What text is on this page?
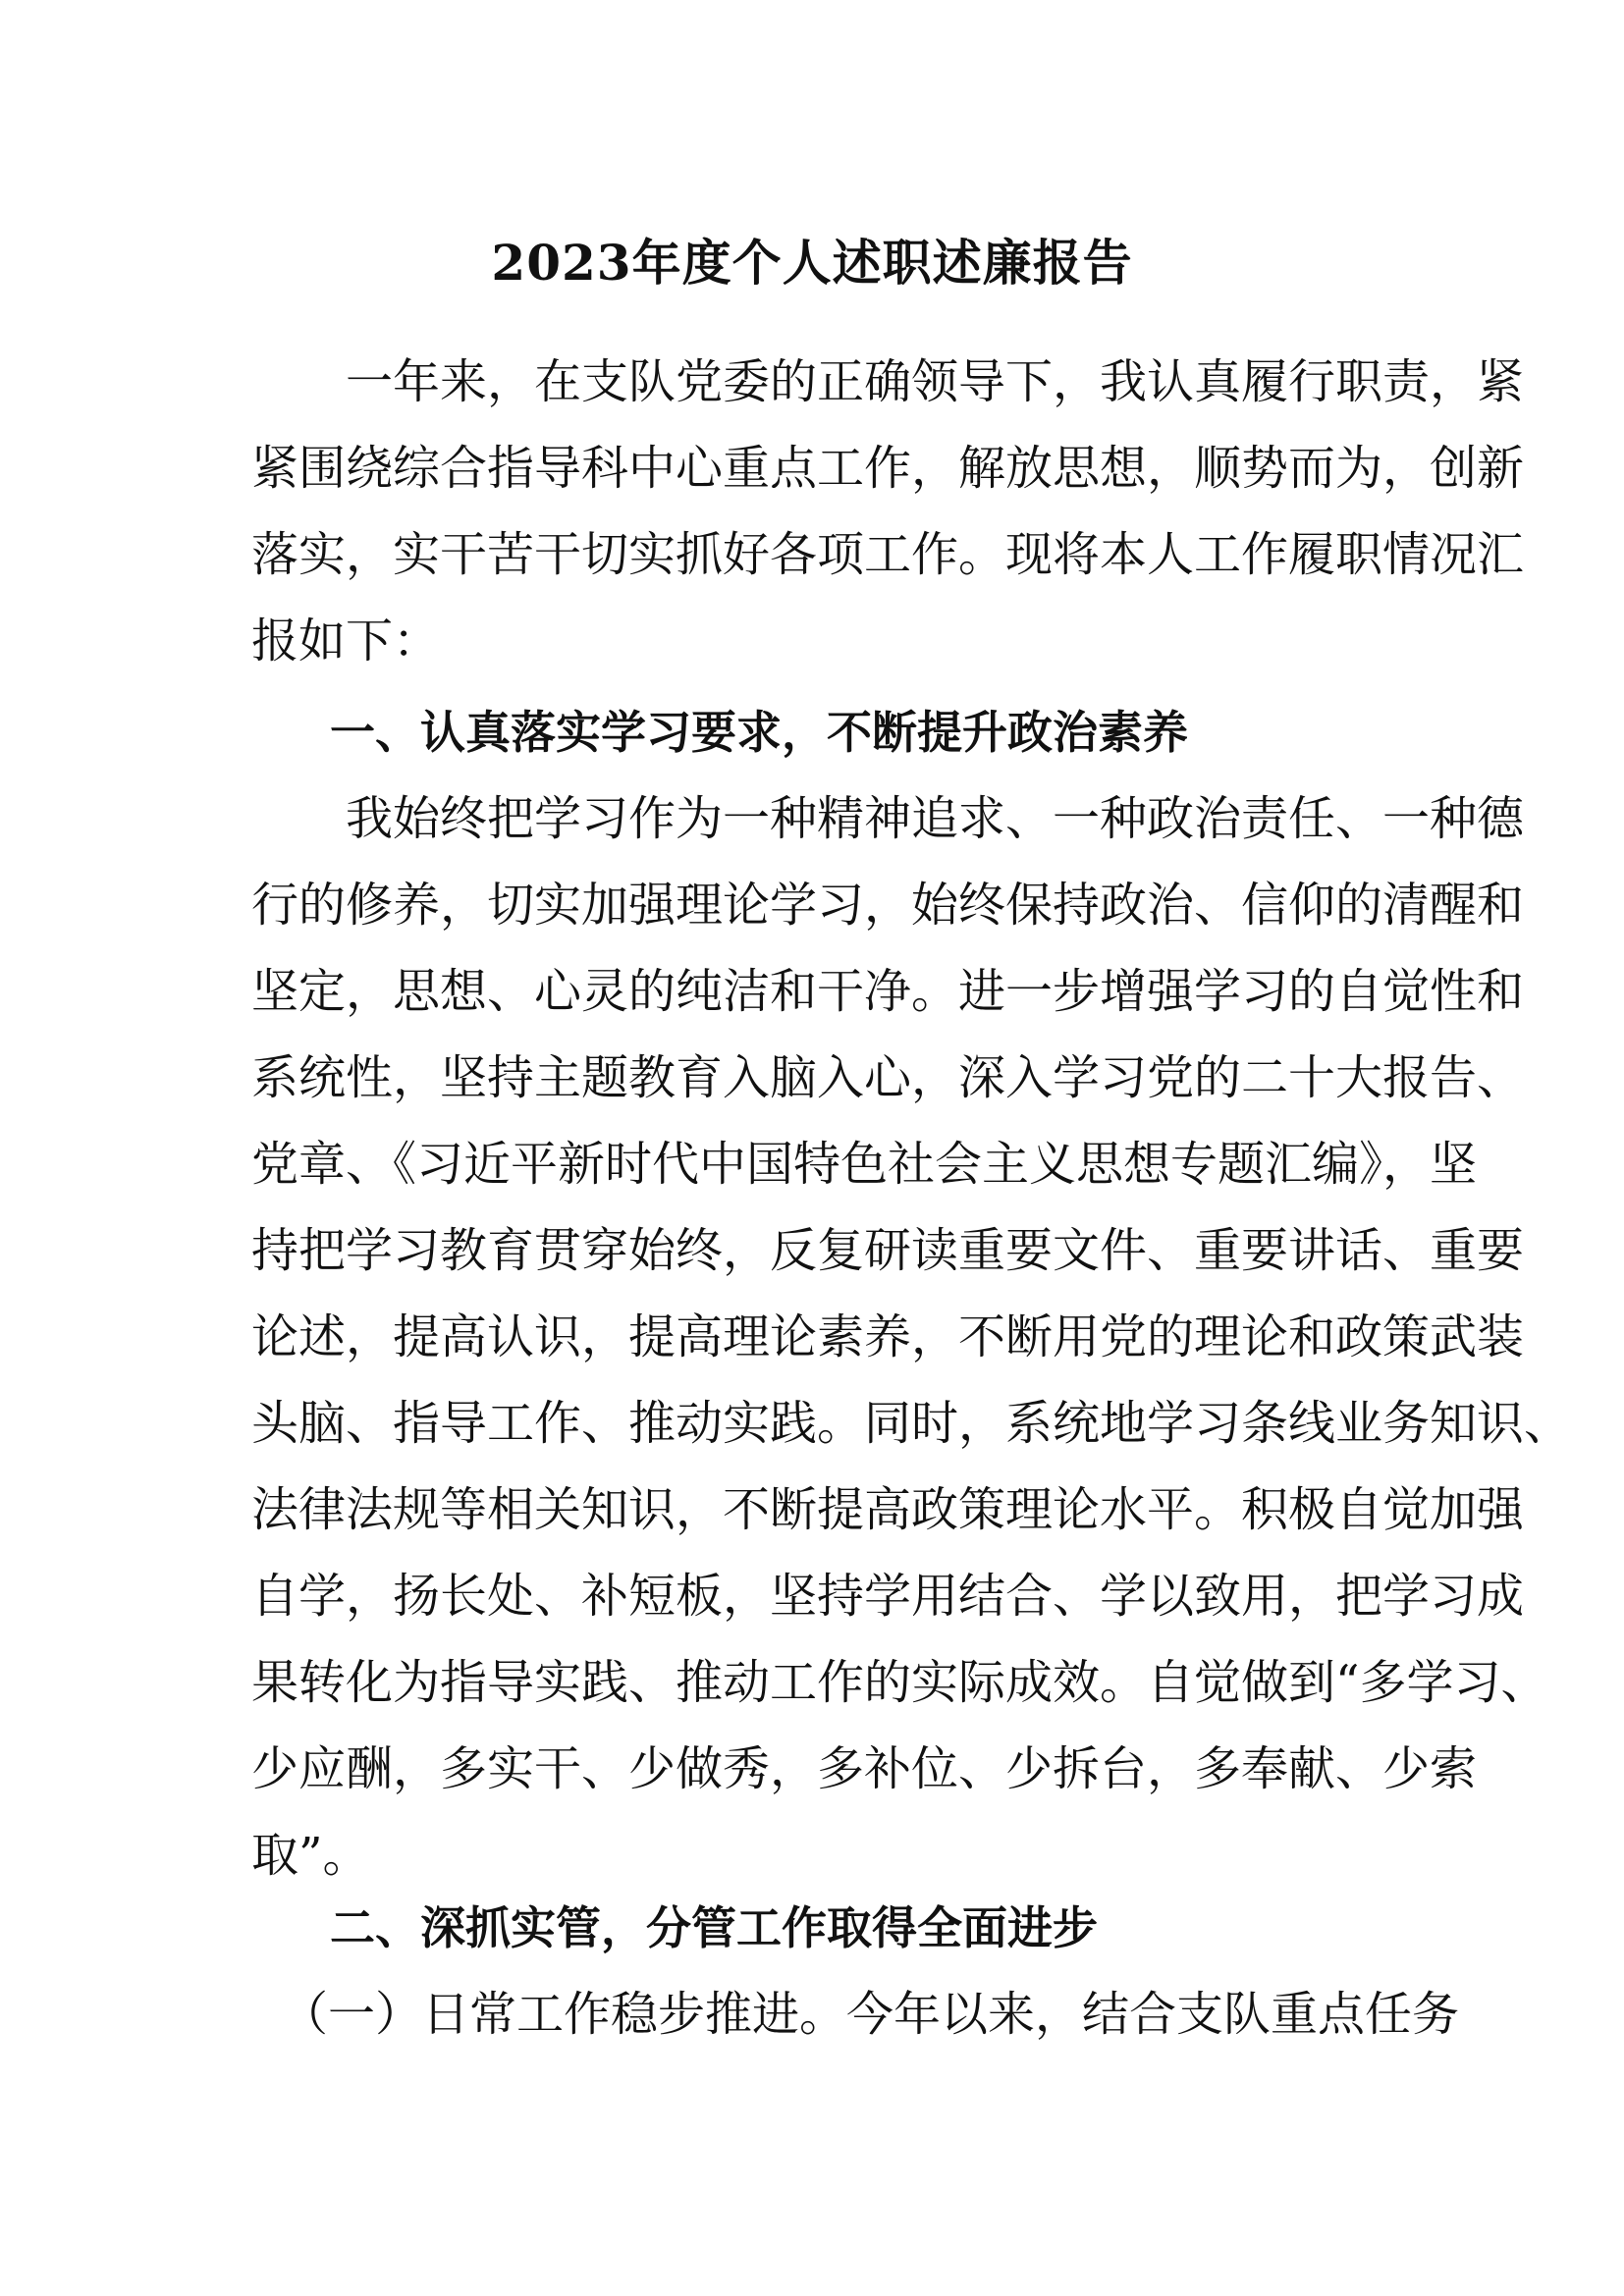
2023年度个人述职述廉报告
　　一年来，在支队党委的正确领导下，我认真履行职责，紧
紧围绕综合指导科中心重点工作，解放思想，顺势而为，创新
落实，实干苦干切实抓好各项工作。现将本人工作履职情况汇
报如下：
一、认真落实学习要求，不断提升政治素养
　　我始终把学习作为一种精神追求、一种政治责任、一种德
行的修养，切实加强理论学习，始终保持政治、信仰的清醒和
坚定，思想、心灵的纯洁和干净。进一步增强学习的自觉性和
系统性，坚持主题教育入脑入心，深入学习党的二十大报告、
党章、《习近平新时代中国特色社会主义思想专题汇编》，坚
持把学习教育贯穿始终，反复研读重要文件、重要讲话、重要
论述，提高认识，提高理论素养，不断用党的理论和政策武装
头脑、指导工作、推动实践。同时，系统地学习条线业务知识、
法律法规等相关知识，不断提高政策理论水平。积极自觉加强
自学，扬长处、补短板，坚持学用结合、学以致用，把学习成
果转化为指导实践、推动工作的实际成效。自觉做到“多学习、
少应酬，多实干、少做秀，多补位、少拆台，多奉献、少索
取”。
二、深抓实管，分管工作取得全面进步
（一）日常工作稳步推进。今年以来，结合支队重点任务
